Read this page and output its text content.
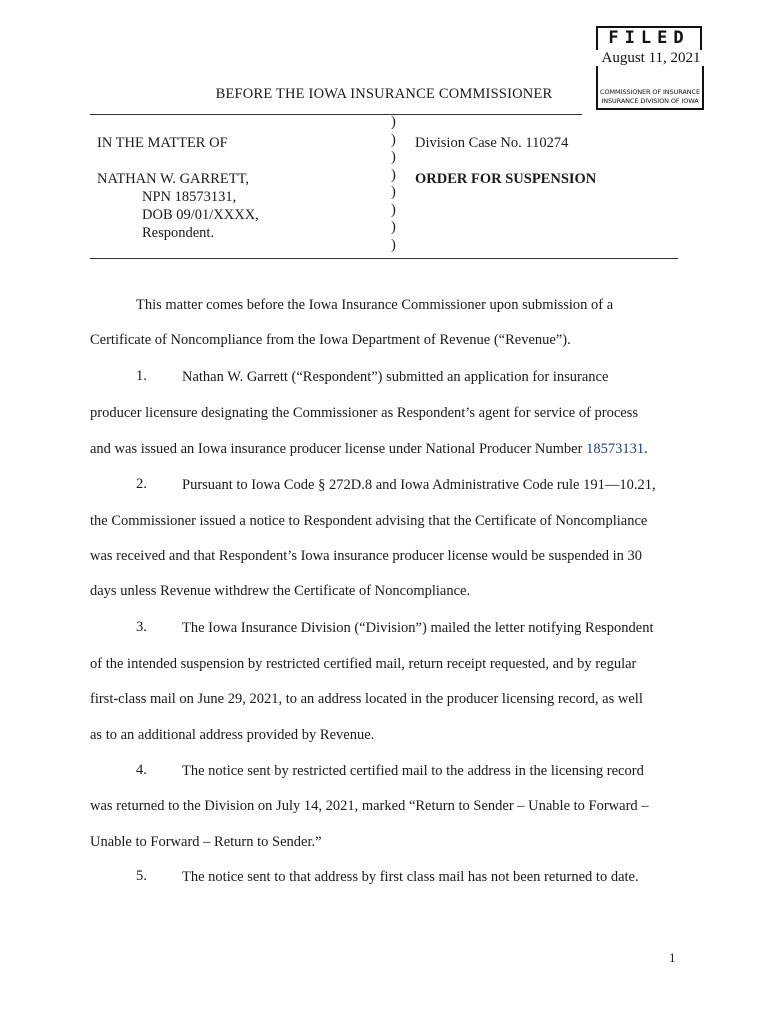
FILED
August 11, 2021
COMMISSIONER OF INSURANCE
INSURANCE DIVISION OF IOWA
BEFORE THE IOWA INSURANCE COMMISSIONER
IN THE MATTER OF
NATHAN W. GARRETT,
NPN 18573131,
DOB 09/01/XXXX,
Respondent.
)
)
)
)
)
)
)
)
Division Case No. 110274
ORDER FOR SUSPENSION
This matter comes before the Iowa Insurance Commissioner upon submission of a
Certificate of Noncompliance from the Iowa Department of Revenue (“Revenue”).
1. Nathan W. Garrett (“Respondent”) submitted an application for insurance
producer licensure designating the Commissioner as Respondent’s agent for service of process
and was issued an Iowa insurance producer license under National Producer Number 18573131.
2. Pursuant to Iowa Code § 272D.8 and Iowa Administrative Code rule 191—10.21,
the Commissioner issued a notice to Respondent advising that the Certificate of Noncompliance
was received and that Respondent’s Iowa insurance producer license would be suspended in 30
days unless Revenue withdrew the Certificate of Noncompliance.
3. The Iowa Insurance Division (“Division”) mailed the letter notifying Respondent
of the intended suspension by restricted certified mail, return receipt requested, and by regular
first-class mail on June 29, 2021, to an address located in the producer licensing record, as well
as to an additional address provided by Revenue.
4. The notice sent by restricted certified mail to the address in the licensing record
was returned to the Division on July 14, 2021, marked “Return to Sender – Unable to Forward –
Unable to Forward – Return to Sender.”
5. The notice sent to that address by first class mail has not been returned to date.
1
